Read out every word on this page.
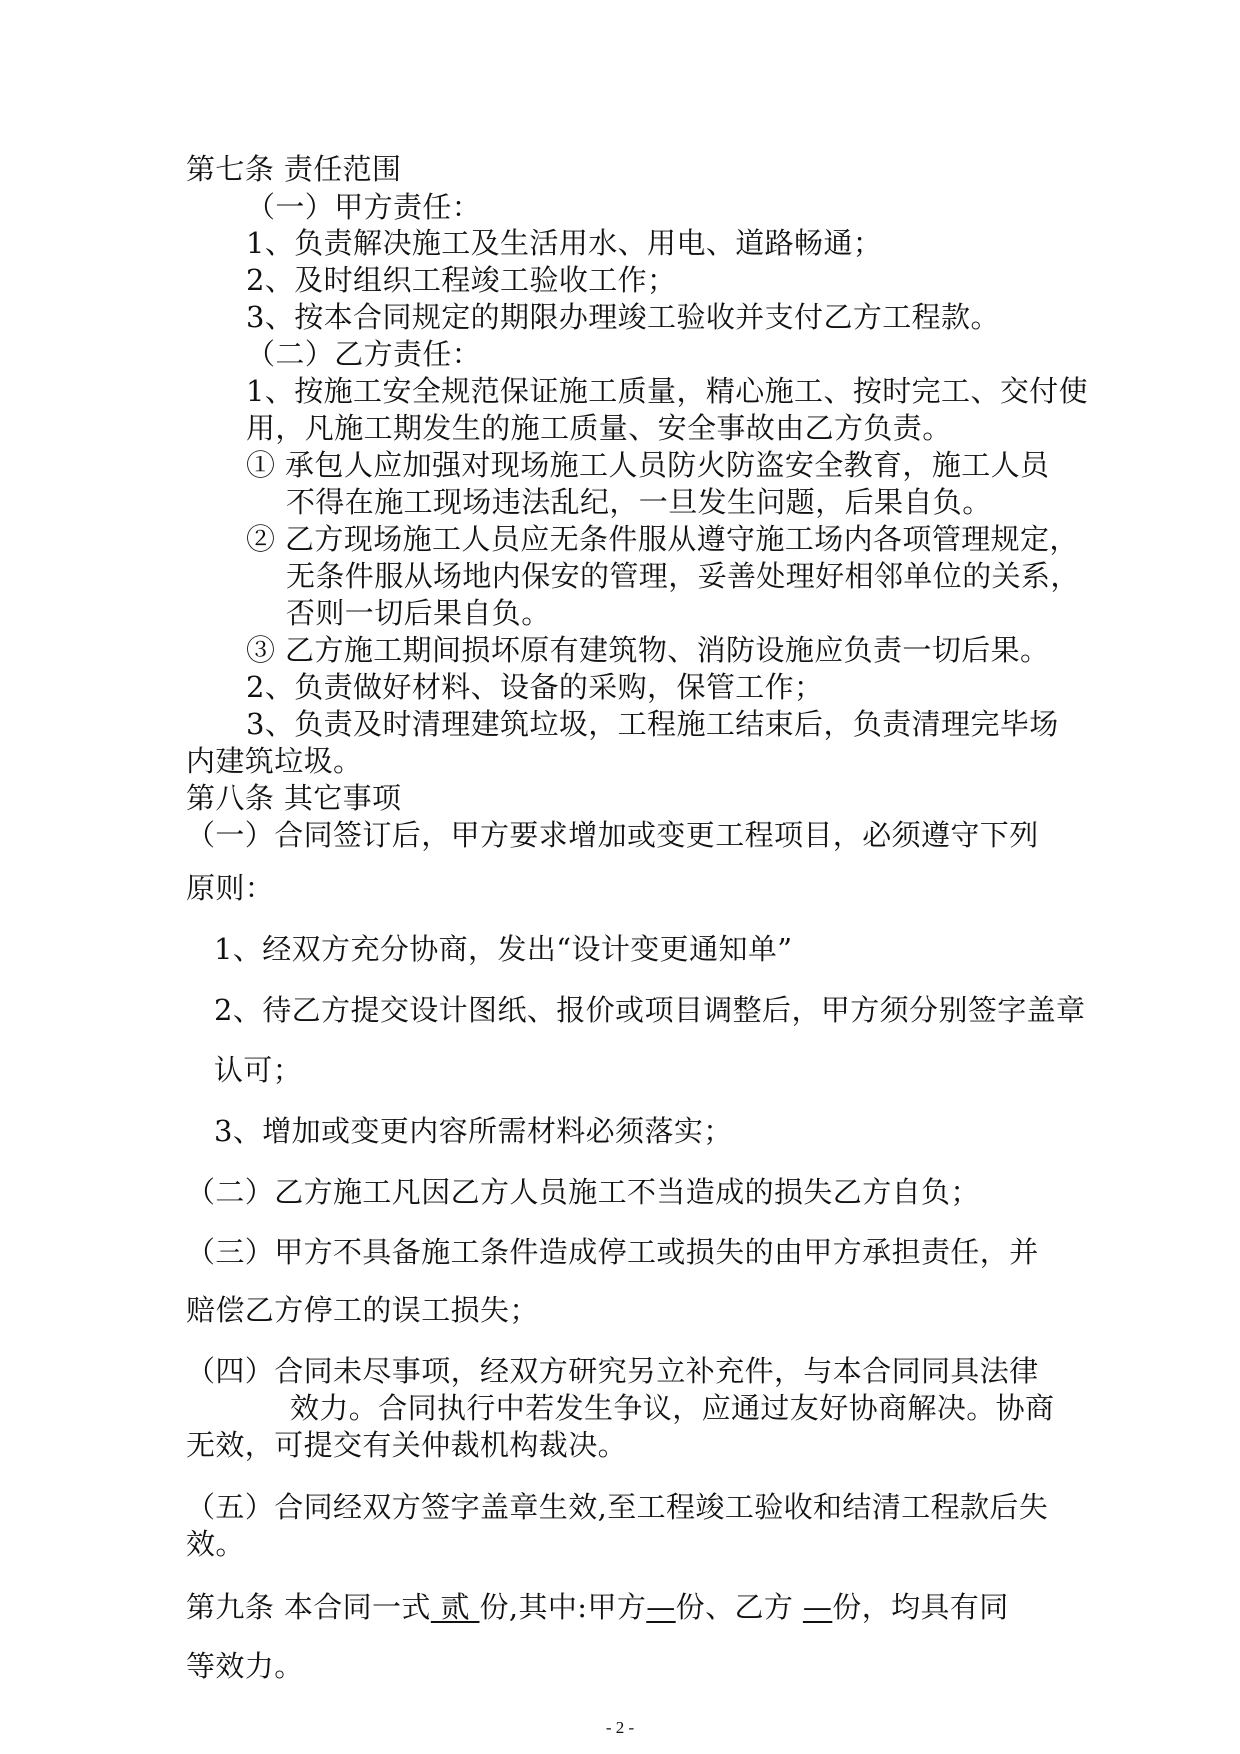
第七条 责任范围
（一）甲方责任：
1、负责解决施工及生活用水、用电、道路畅通；
2、及时组织工程竣工验收工作；
3、按本合同规定的期限办理竣工验收并支付乙方工程款。
（二）乙方责任：
1、按施工安全规范保证施工质量，精心施工、按时完工、交付使
用，凡施工期发生的施工质量、安全事故由乙方负责。
① 承包人应加强对现场施工人员防火防盗安全教育，施工人员
不得在施工现场违法乱纪，一旦发生问题，后果自负。
② 乙方现场施工人员应无条件服从遵守施工场内各项管理规定，
无条件服从场地内保安的管理，妥善处理好相邻单位的关系，
否则一切后果自负。
③ 乙方施工期间损坏原有建筑物、消防设施应负责一切后果。
2、负责做好材料、设备的采购，保管工作；
3、负责及时清理建筑垃圾，工程施工结束后，负责清理完毕场
内建筑垃圾。
第八条 其它事项
（一）合同签订后，甲方要求增加或变更工程项目，必须遵守下列
原则：
1、经双方充分协商，发出“设计变更通知单”
2、待乙方提交设计图纸、报价或项目调整后，甲方须分别签字盖章
认可；
3、增加或变更内容所需材料必须落实；
（二）乙方施工凡因乙方人员施工不当造成的损失乙方自负；
（三）甲方不具备施工条件造成停工或损失的由甲方承担责任，并
赔偿乙方停工的误工损失；
（四）合同未尽事项，经双方研究另立补充件，与本合同同具法律
效力。合同执行中若发生争议，应通过友好协商解决。协商
无效，可提交有关仲裁机构裁决。
（五）合同经双方签字盖章生效,至工程竣工验收和结清工程款后失
效。
第九条 本合同一式 贰 份,其中:甲方—份、乙方 —份，均具有同
等效力。
- 2 -
